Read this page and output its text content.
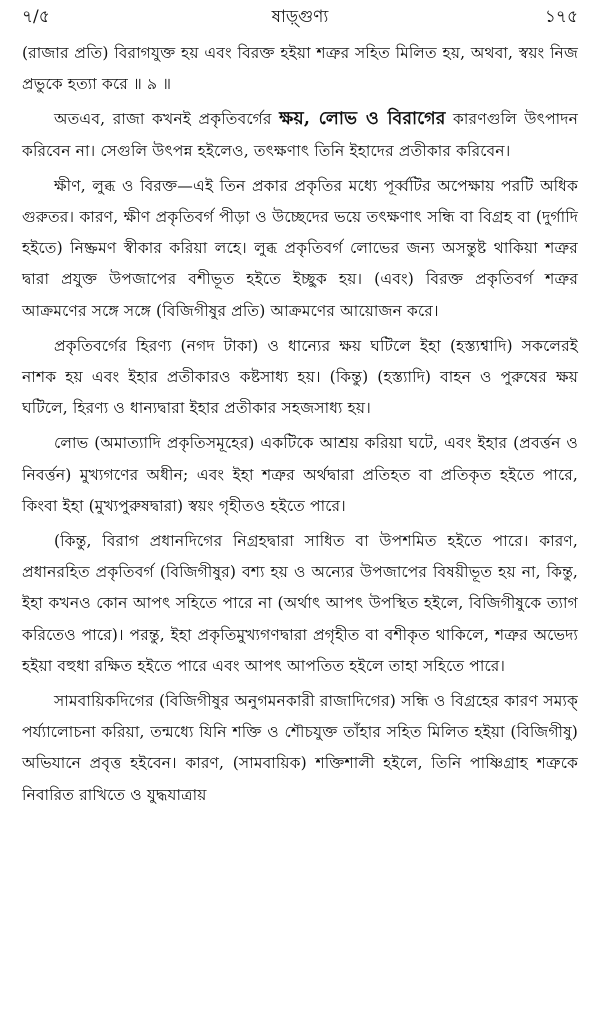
৭/৫	ষাড়্গুণ্য	১৭৫

(রাজার প্রতি) বিরাগযুক্ত হয় এবং বিরক্ত হইয়া শত্রুর সহিত মিলিত হয়, অথবা, স্বয়ং নিজ প্রভুকে হত্যা করে ॥ ৯ ॥

অতএব, রাজা কখনই প্রকৃতিবর্গের ক্ষয়, লোভ ও বিরাগের কারণগুলি উৎপাদন করিবেন না। সেগুলি উৎপন্ন হইলেও, তৎক্ষণাৎ তিনি ইহাদের প্রতীকার করিবেন।

ক্ষীণ, লুব্ধ ও বিরক্ত—এই তিন প্রকার প্রকৃতির মধ্যে পূর্ব্বটির অপেক্ষায় পরটি অধিক গুরুতর। কারণ, ক্ষীণ প্রকৃতিবর্গ পীড়া ও উচ্ছেদের ভয়ে তৎক্ষণাৎ সন্ধি বা বিগ্রহ বা (দুর্গাদি হইতে) নিষ্ক্রমণ স্বীকার করিয়া লহে। লুব্ধ প্রকৃতিবর্গ লোভের জন্য অসন্তুষ্ট থাকিয়া শত্রুর দ্বারা প্রযুক্ত উপজাপের বশীভূত হইতে ইচ্ছুক হয়। (এবং) বিরক্ত প্রকৃতিবর্গ শত্রুর আক্রমণের সঙ্গে সঙ্গে (বিজিগীষুর প্রতি) আক্রমণের আয়োজন করে।

প্রকৃতিবর্গের হিরণ্য (নগদ টাকা) ও ধান্যের ক্ষয় ঘটিলে ইহা (হস্ত্যশ্বাদি) সকলেরই নাশক হয় এবং ইহার প্রতীকারও কষ্টসাধ্য হয়। (কিন্তু) (হস্ত্যাদি) বাহন ও পুরুষের ক্ষয় ঘটিলে, হিরণ্য ও ধান্যদ্বারা ইহার প্রতীকার সহজসাধ্য হয়।

লোভ (অমাত্যাদি প্রকৃতিসমূহের) একটিকে আশ্রয় করিয়া ঘটে, এবং ইহার (প্রবর্ত্তন ও নিবর্ত্তন) মুখ্যগণের অধীন; এবং ইহা শত্রুর অর্থদ্বারা প্রতিহত বা প্রতিকৃত হইতে পারে, কিংবা ইহা (মুখ্যপুরুষদ্বারা) স্বয়ং গৃহীতও হইতে পারে।

(কিন্তু, বিরাগ প্রধানদিগের নিগ্রহদ্বারা সাধিত বা উপশমিত হইতে পারে। কারণ, প্রধানরহিত প্রকৃতিবর্গ (বিজিগীষুর) বশ্য হয় ও অন্যের উপজাপের বিষয়ীভূত হয় না, কিন্তু, ইহা কখনও কোন আপৎ সহিতে পারে না (অর্থাৎ আপৎ উপস্থিত হইলে, বিজিগীষুকে ত্যাগ করিতেও পারে)। পরন্তু, ইহা প্রকৃতিমুখ্যগণদ্বারা প্রগৃহীত বা বশীকৃত থাকিলে, শত্রুর অভেদ্য হইয়া বহুধা রক্ষিত হইতে পারে এবং আপৎ আপতিত হইলে তাহা সহিতে পারে।

সামবায়িকদিগের (বিজিগীষুর অনুগমনকারী রাজাদিগের) সন্ধি ও বিগ্রহের কারণ সম্যক্ পর্য্যালোচনা করিয়া, তন্মধ্যে যিনি শক্তি ও শৌচযুক্ত তাঁহার সহিত মিলিত হইয়া (বিজিগীষু) অভিযানে প্রবৃত্ত হইবেন। কারণ, (সামবায়িক) শক্তিশালী হইলে, তিনি পাষ্ণিগ্রাহ শত্রুকে নিবারিত রাখিতে ও যুদ্ধযাত্রায়
